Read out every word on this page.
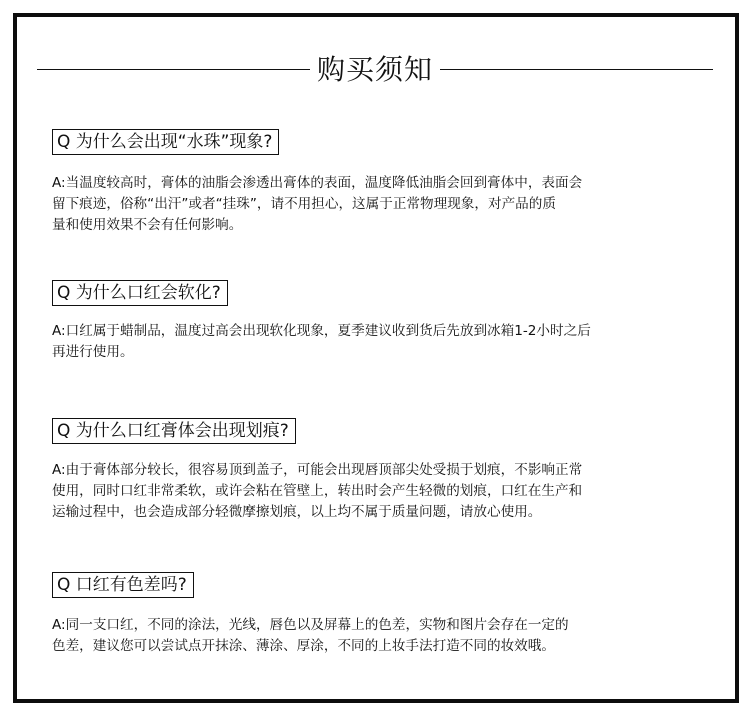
购买须知
Q 为什么会出现“水珠”现象?
A:当温度较高时，膏体的油脂会渗透出膏体的表面，温度降低油脂会回到膏体中，表面会
留下痕迹，俗称“出汗”或者“挂珠”，请不用担心，这属于正常物理现象，对产品的质
量和使用效果不会有任何影响。
Q 为什么口红会软化?
A:口红属于蜡制品，温度过高会出现软化现象，夏季建议收到货后先放到冰箱1-2小时之后
再进行使用。
Q 为什么口红膏体会出现划痕?
A:由于膏体部分较长，很容易顶到盖子，可能会出现唇顶部尖处受损于划痕，不影响正常
使用，同时口红非常柔软，或许会粘在管壁上，转出时会产生轻微的划痕，口红在生产和
运输过程中，也会造成部分轻微摩擦划痕，以上均不属于质量问题，请放心使用。
Q 口红有色差吗?
A:同一支口红，不同的涂法，光线，唇色以及屏幕上的色差，实物和图片会存在一定的
色差，建议您可以尝试点开抹涂、薄涂、厚涂，不同的上妆手法打造不同的妆效哦。
